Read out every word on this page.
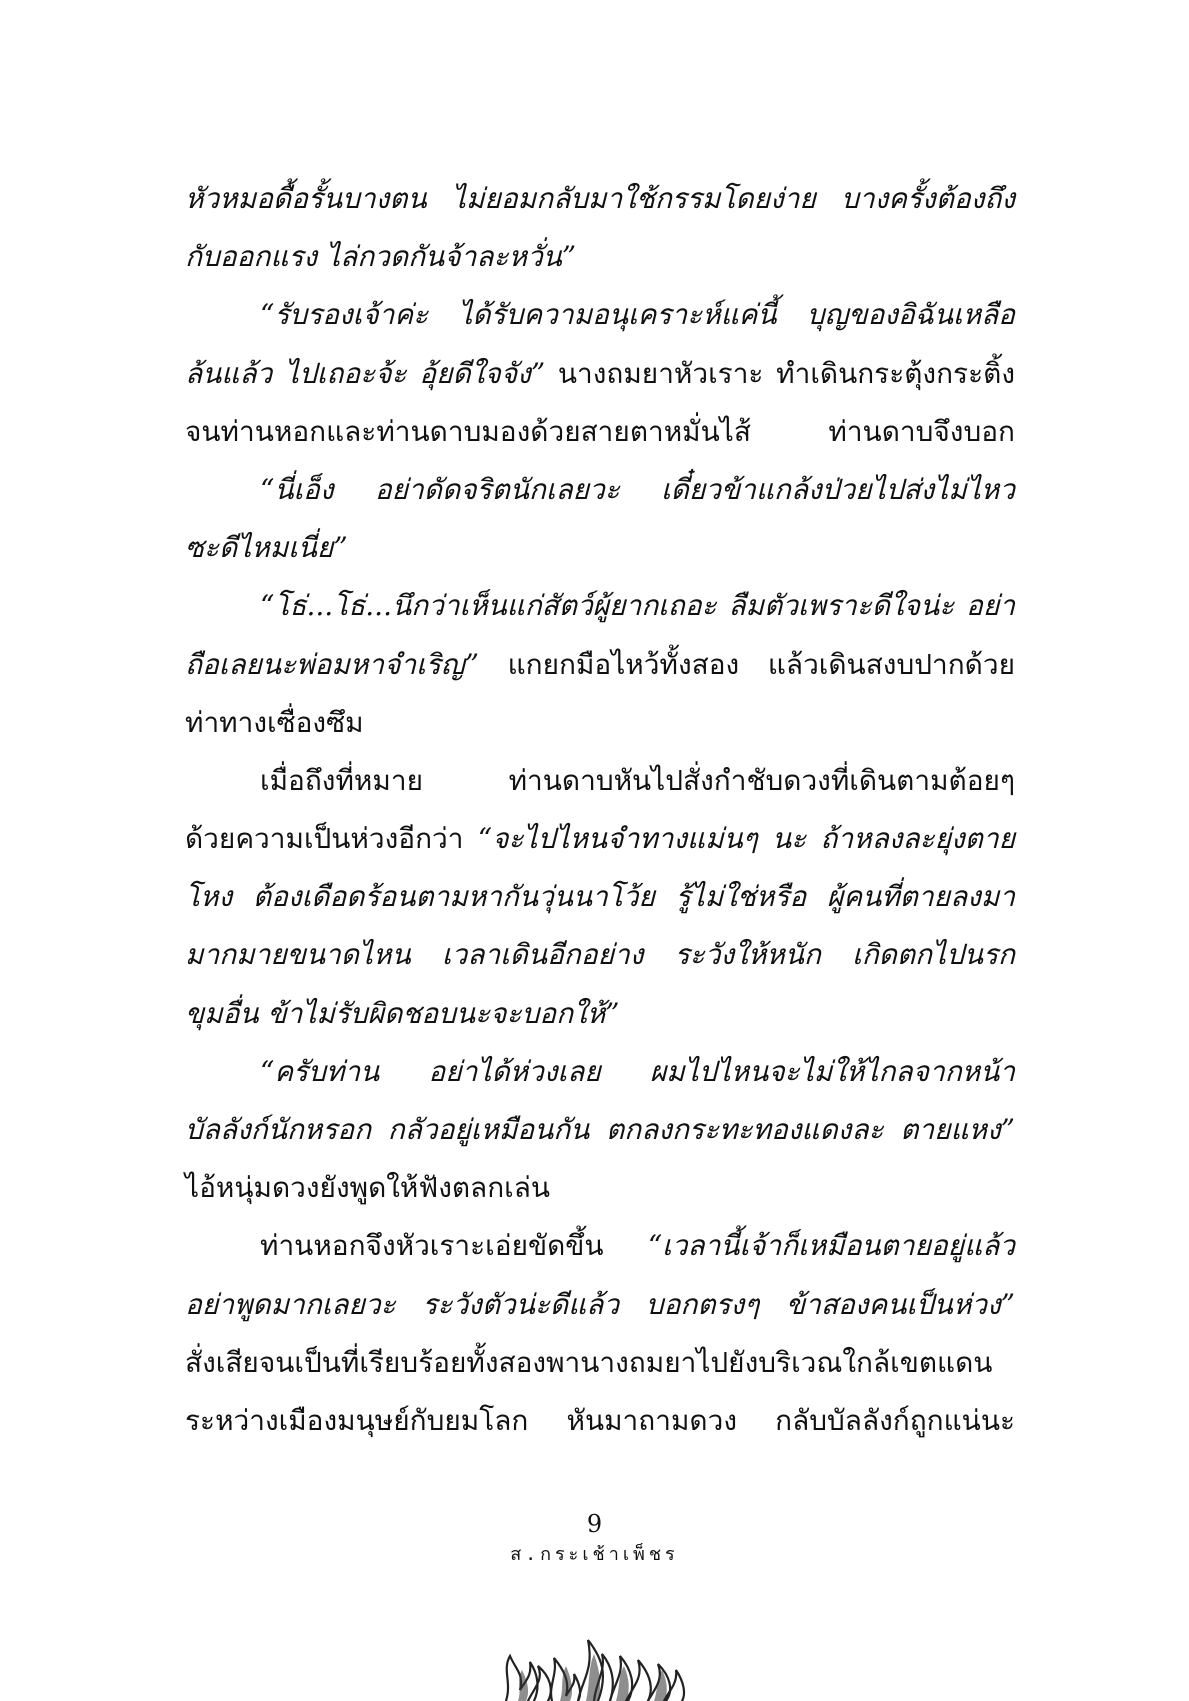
หัวหมอดื้อรั้นบางตน ไม่ยอมกลับมาใช้กรรมโดยง่าย บางครั้งต้องถึง
กับออกแรง ไล่กวดกันจ้าละหวั่น”
“รับรองเจ้าค่ะ ได้รับความอนุเคราะห์แค่นี้ บุญของอิฉันเหลือ
ล้นแล้ว ไปเถอะจ้ะ อุ้ยดีใจจัง” นางถมยาหัวเราะ ทำเดินกระตุ้งกระติ้ง
จนท่านหอกและท่านดาบมองด้วยสายตาหมั่นไส้ ท่านดาบจึงบอก
“นี่เอ็ง อย่าดัดจริตนักเลยวะ เดี๋ยวข้าแกล้งป่วยไปส่งไม่ไหว
ซะดีไหมเนี่ย”
“โธ่...โธ่...นึกว่าเห็นแก่สัตว์ผู้ยากเถอะ ลืมตัวเพราะดีใจน่ะ อย่า
ถือเลยนะพ่อมหาจำเริญ” แกยกมือไหว้ทั้งสอง แล้วเดินสงบปากด้วย
ท่าทางเซื่องซึม
เมื่อถึงที่หมาย ท่านดาบหันไปสั่งกำชับดวงที่เดินตามต้อยๆ
ด้วยความเป็นห่วงอีกว่า “จะไปไหนจำทางแม่นๆ นะ ถ้าหลงละยุ่งตาย
โหง ต้องเดือดร้อนตามหากันวุ่นนาโว้ย รู้ไม่ใช่หรือ ผู้คนที่ตายลงมา
มากมายขนาดไหน เวลาเดินอีกอย่าง ระวังให้หนัก เกิดตกไปนรก
ขุมอื่น ข้าไม่รับผิดชอบนะจะบอกให้”
“ครับท่าน อย่าได้ห่วงเลย ผมไปไหนจะไม่ให้ไกลจากหน้า
บัลลังก์นักหรอก กลัวอยู่เหมือนกัน ตกลงกระทะทองแดงละ ตายแหง”
ไอ้หนุ่มดวงยังพูดให้ฟังตลกเล่น
ท่านหอกจึงหัวเราะเอ่ยขัดขึ้น “เวลานี้เจ้าก็เหมือนตายอยู่แล้ว
อย่าพูดมากเลยวะ ระวังตัวน่ะดีแล้ว บอกตรงๆ ข้าสองคนเป็นห่วง”
สั่งเสียจนเป็นที่เรียบร้อยทั้งสองพานางถมยาไปยังบริเวณใกล้เขตแดน
ระหว่างเมืองมนุษย์กับยมโลก หันมาถามดวง กลับบัลลังก์ถูกแน่นะ
9
ส.กระเช้าเพ็ชร
